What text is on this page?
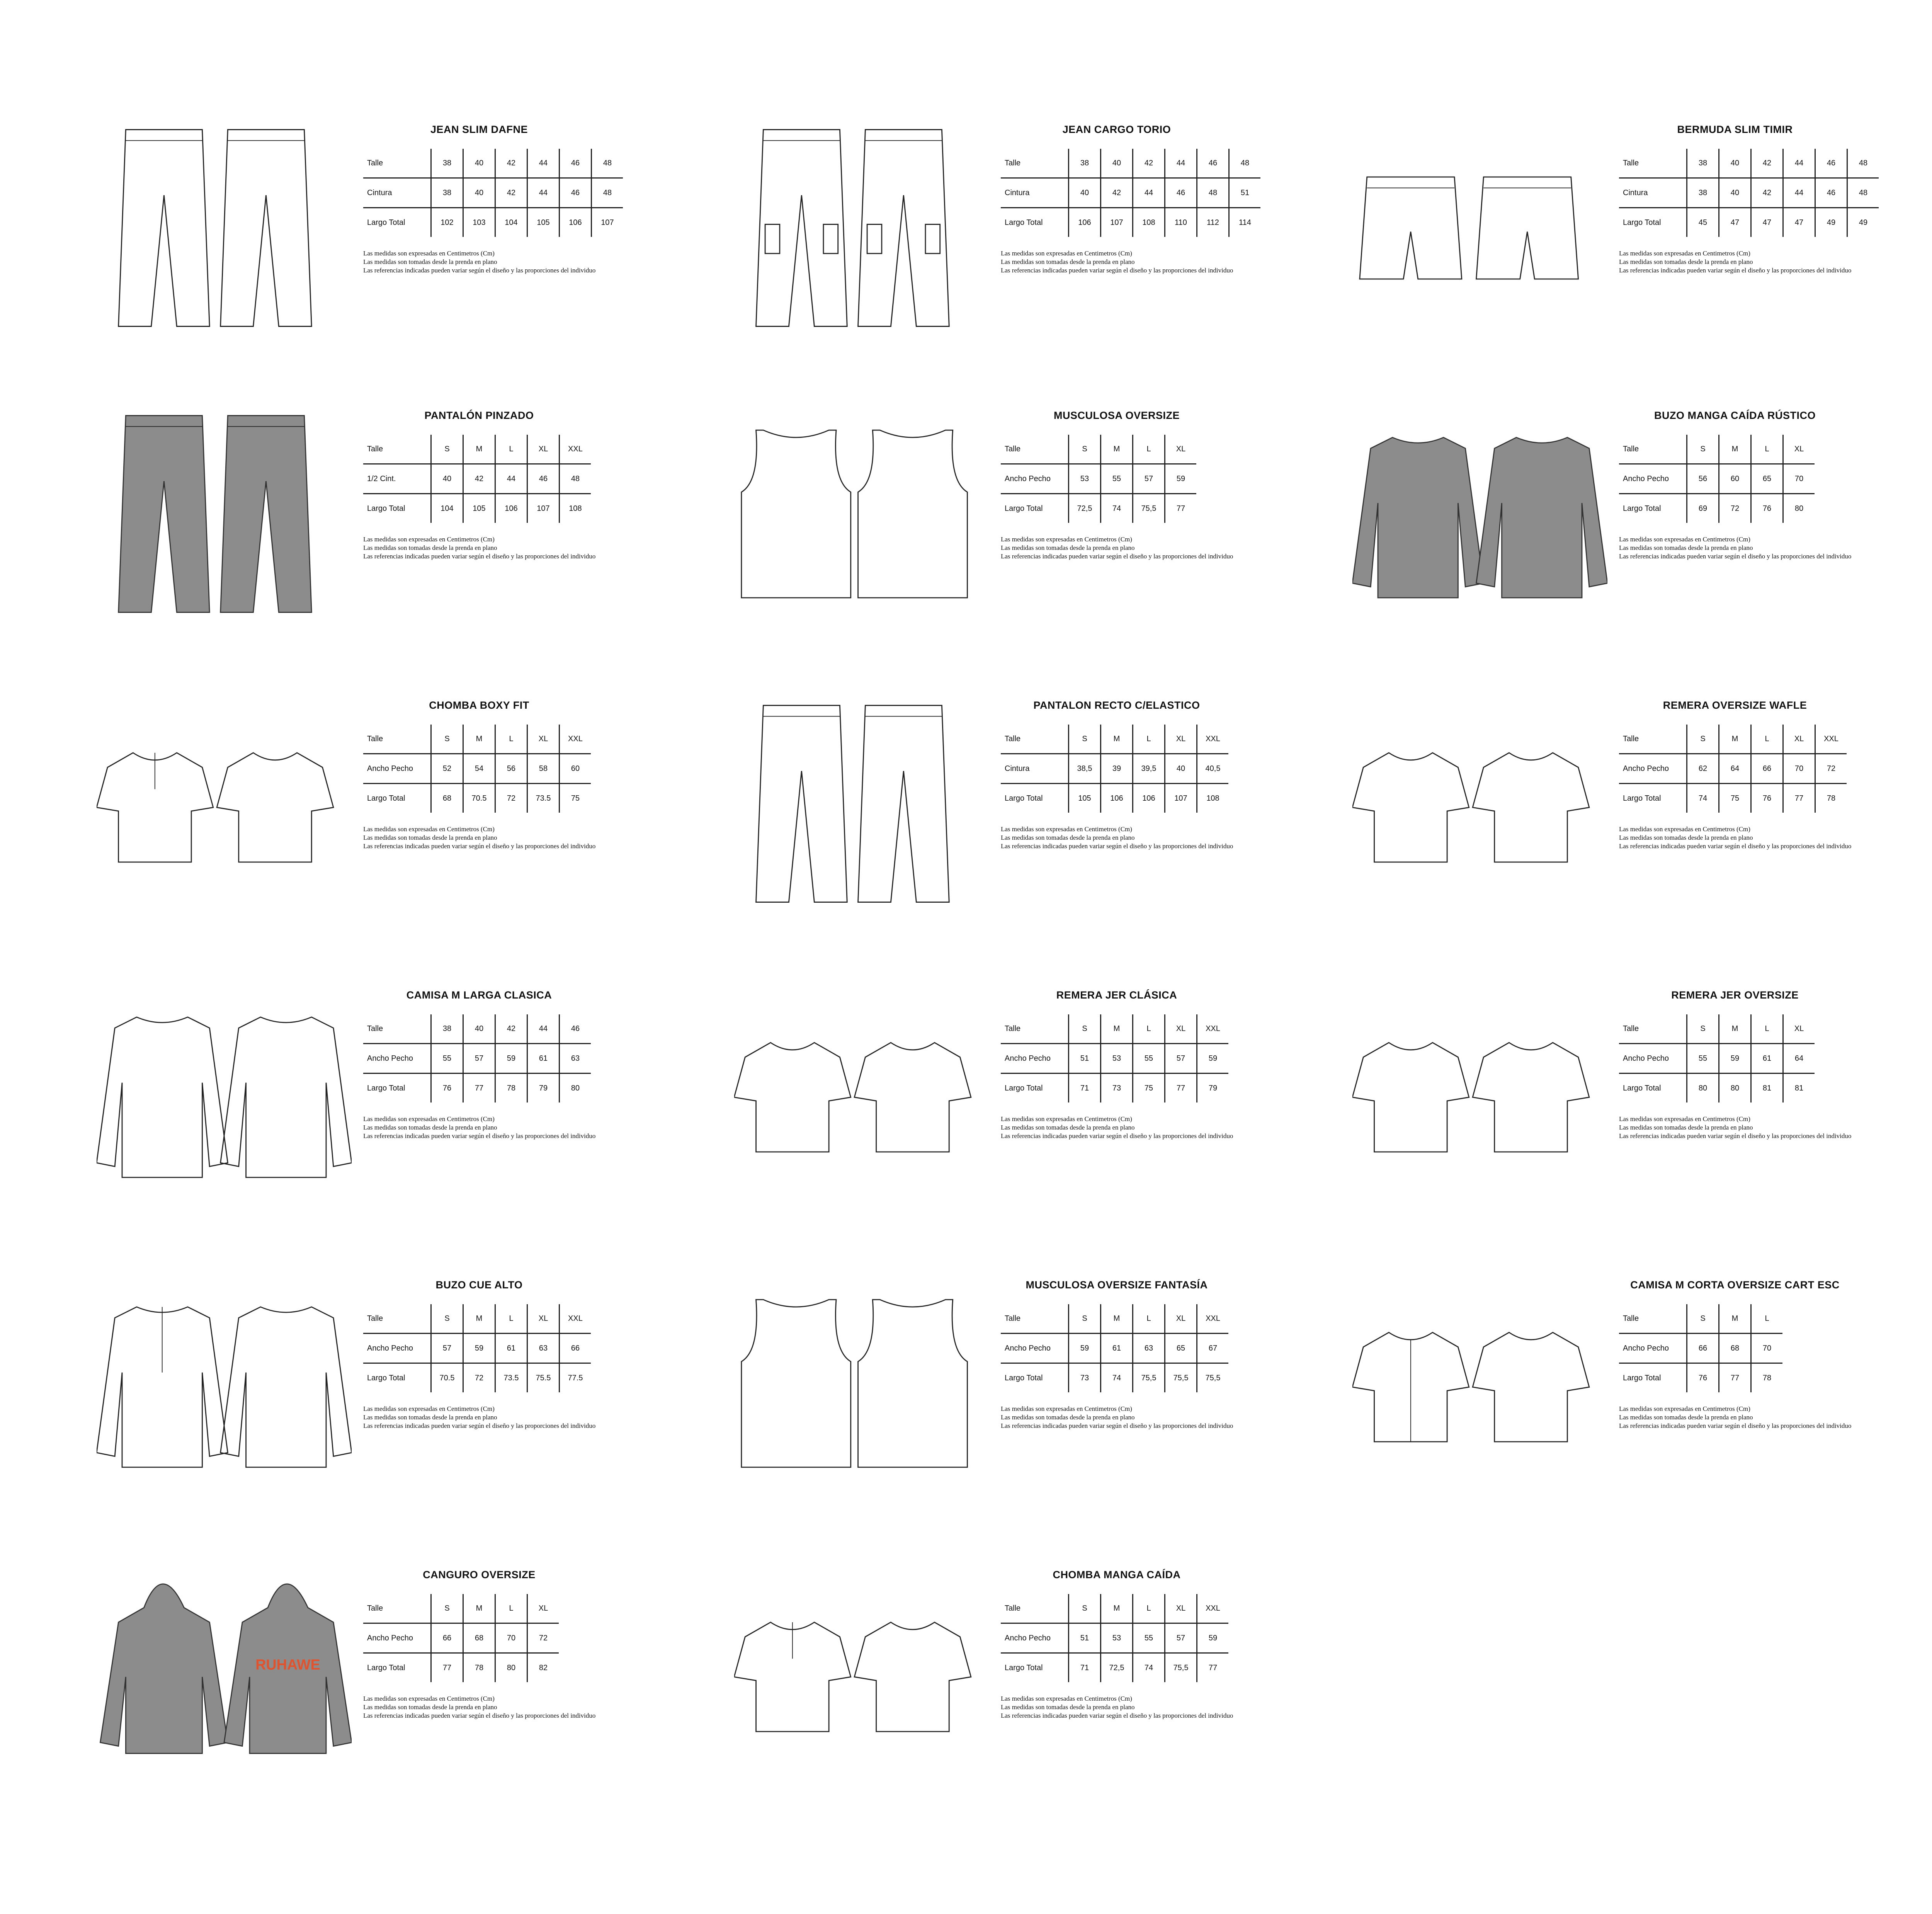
JEAN SLIM DAFNE
Talle	38	40	42	44	46	48
Cintura	38	40	42	44	46	48
Largo Total	102	103	104	105	106	107
Las medidas son expresadas en Centimetros (Cm)
Las medidas son tomadas desde la prenda en plano
Las referencias indicadas pueden variar según el diseño y las proporciones del individuo
JEAN CARGO TORIO
Talle	38	40	42	44	46	48
Cintura	40	42	44	46	48	51
Largo Total	106	107	108	110	112	114
Las medidas son expresadas en Centimetros (Cm)
Las medidas son tomadas desde la prenda en plano
Las referencias indicadas pueden variar según el diseño y las proporciones del individuo
BERMUDA SLIM TIMIR
Talle	38	40	42	44	46	48
Cintura	38	40	42	44	46	48
Largo Total	45	47	47	47	49	49
Las medidas son expresadas en Centimetros (Cm)
Las medidas son tomadas desde la prenda en plano
Las referencias indicadas pueden variar según el diseño y las proporciones del individuo
PANTALÓN PINZADO
Talle	S	M	L	XL	XXL
1/2 Cint.	40	42	44	46	48
Largo Total	104	105	106	107	108
Las medidas son expresadas en Centimetros (Cm)
Las medidas son tomadas desde la prenda en plano
Las referencias indicadas pueden variar según el diseño y las proporciones del individuo
MUSCULOSA OVERSIZE
Talle	S	M	L	XL
Ancho Pecho	53	55	57	59
Largo Total	72,5	74	75,5	77
Las medidas son expresadas en Centimetros (Cm)
Las medidas son tomadas desde la prenda en plano
Las referencias indicadas pueden variar según el diseño y las proporciones del individuo
BUZO MANGA CAÍDA RÚSTICO
Talle	S	M	L	XL
Ancho Pecho	56	60	65	70
Largo Total	69	72	76	80
Las medidas son expresadas en Centimetros (Cm)
Las medidas son tomadas desde la prenda en plano
Las referencias indicadas pueden variar según el diseño y las proporciones del individuo
CHOMBA BOXY FIT
Talle	S	M	L	XL	XXL
Ancho Pecho	52	54	56	58	60
Largo Total	68	70.5	72	73.5	75
Las medidas son expresadas en Centimetros (Cm)
Las medidas son tomadas desde la prenda en plano
Las referencias indicadas pueden variar según el diseño y las proporciones del individuo
PANTALON RECTO C/ELASTICO
Talle	S	M	L	XL	XXL
Cintura	38,5	39	39,5	40	40,5
Largo Total	105	106	106	107	108
Las medidas son expresadas en Centimetros (Cm)
Las medidas son tomadas desde la prenda en plano
Las referencias indicadas pueden variar según el diseño y las proporciones del individuo
REMERA OVERSIZE WAFLE
Talle	S	M	L	XL	XXL
Ancho Pecho	62	64	66	70	72
Largo Total	74	75	76	77	78
Las medidas son expresadas en Centimetros (Cm)
Las medidas son tomadas desde la prenda en plano
Las referencias indicadas pueden variar según el diseño y las proporciones del individuo
CAMISA M LARGA CLASICA
Talle	38	40	42	44	46
Ancho Pecho	55	57	59	61	63
Largo Total	76	77	78	79	80
Las medidas son expresadas en Centimetros (Cm)
Las medidas son tomadas desde la prenda en plano
Las referencias indicadas pueden variar según el diseño y las proporciones del individuo
REMERA JER CLÁSICA
Talle	S	M	L	XL	XXL
Ancho Pecho	51	53	55	57	59
Largo Total	71	73	75	77	79
Las medidas son expresadas en Centimetros (Cm)
Las medidas son tomadas desde la prenda en plano
Las referencias indicadas pueden variar según el diseño y las proporciones del individuo
REMERA JER OVERSIZE
Talle	S	M	L	XL
Ancho Pecho	55	59	61	64
Largo Total	80	80	81	81
Las medidas son expresadas en Centimetros (Cm)
Las medidas son tomadas desde la prenda en plano
Las referencias indicadas pueden variar según el diseño y las proporciones del individuo
BUZO CUE ALTO
Talle	S	M	L	XL	XXL
Ancho Pecho	57	59	61	63	66
Largo Total	70.5	72	73.5	75.5	77.5
Las medidas son expresadas en Centimetros (Cm)
Las medidas son tomadas desde la prenda en plano
Las referencias indicadas pueden variar según el diseño y las proporciones del individuo
MUSCULOSA OVERSIZE FANTASÍA
Talle	S	M	L	XL	XXL
Ancho Pecho	59	61	63	65	67
Largo Total	73	74	75,5	75,5	75,5
Las medidas son expresadas en Centimetros (Cm)
Las medidas son tomadas desde la prenda en plano
Las referencias indicadas pueden variar según el diseño y las proporciones del individuo
CAMISA M CORTA OVERSIZE CART ESC
Talle	S	M	L
Ancho Pecho	66	68	70
Largo Total	76	77	78
Las medidas son expresadas en Centimetros (Cm)
Las medidas son tomadas desde la prenda en plano
Las referencias indicadas pueden variar según el diseño y las proporciones del individuo
RUHAWE
CANGURO OVERSIZE
Talle	S	M	L	XL
Ancho Pecho	66	68	70	72
Largo Total	77	78	80	82
Las medidas son expresadas en Centimetros (Cm)
Las medidas son tomadas desde la prenda en plano
Las referencias indicadas pueden variar según el diseño y las proporciones del individuo
CHOMBA MANGA CAÍDA
Talle	S	M	L	XL	XXL
Ancho Pecho	51	53	55	57	59
Largo Total	71	72,5	74	75,5	77
Las medidas son expresadas en Centimetros (Cm)
Las medidas son tomadas desde la prenda en plano
Las referencias indicadas pueden variar según el diseño y las proporciones del individuo
